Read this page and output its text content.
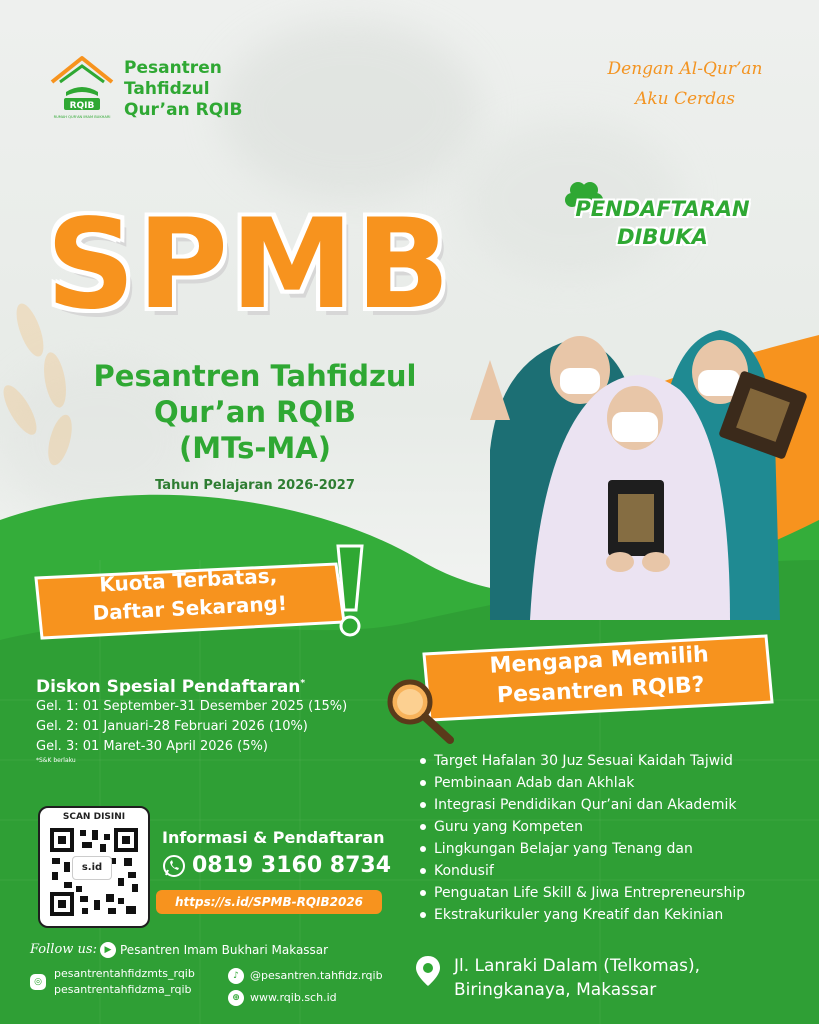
RQIB
RUMAH QUR'AN IMAM BUKHARI
Pesantren
Tahfidzul
Qur’an RQIB
Dengan Al-Qur’an
Aku Cerdas
PENDAFTARAN
DIBUKA
SPMB
Pesantren Tahfidzul
Qur’an RQIB
(MTs-MA)
Tahun Pelajaran 2026-2027
Kuota Terbatas,
Daftar Sekarang!
Mengapa Memilih
Pesantren RQIB?
Diskon Spesial Pendaftaran*
Gel. 1: 01 September-31 Desember 2025 (15%)
Gel. 2: 01 Januari-28 Februari 2026 (10%)
Gel. 3: 01 Maret-30 April 2026 (5%)
*S&K berlaku	Target Hafalan 30 Juz Sesuai Kaidah Tajwid
Pembinaan Adab dan Akhlak
Integrasi Pendidikan Qur’ani dan Akademik
Guru yang Kompeten
Lingkungan Belajar yang Tenang dan
Kondusif
Penguatan Life Skill & Jiwa Entrepreneurship
Ekstrakurikuler yang Kreatif dan Kekinian
SCAN DISINI
s.id
Informasi & Pendaftaran
0819 3160 8734
https://s.id/SPMB-RQIB2026
Follow us: ▶ Pesantren Imam Bukhari Makassar
◎
pesantrentahfidzmts_rqib
pesantrentahfidzma_rqib
♪	@pesantren.tahfidz.rqib
⊕ www.rqib.sch.id
Jl. Lanraki Dalam (Telkomas),
Biringkanaya, Makassar
